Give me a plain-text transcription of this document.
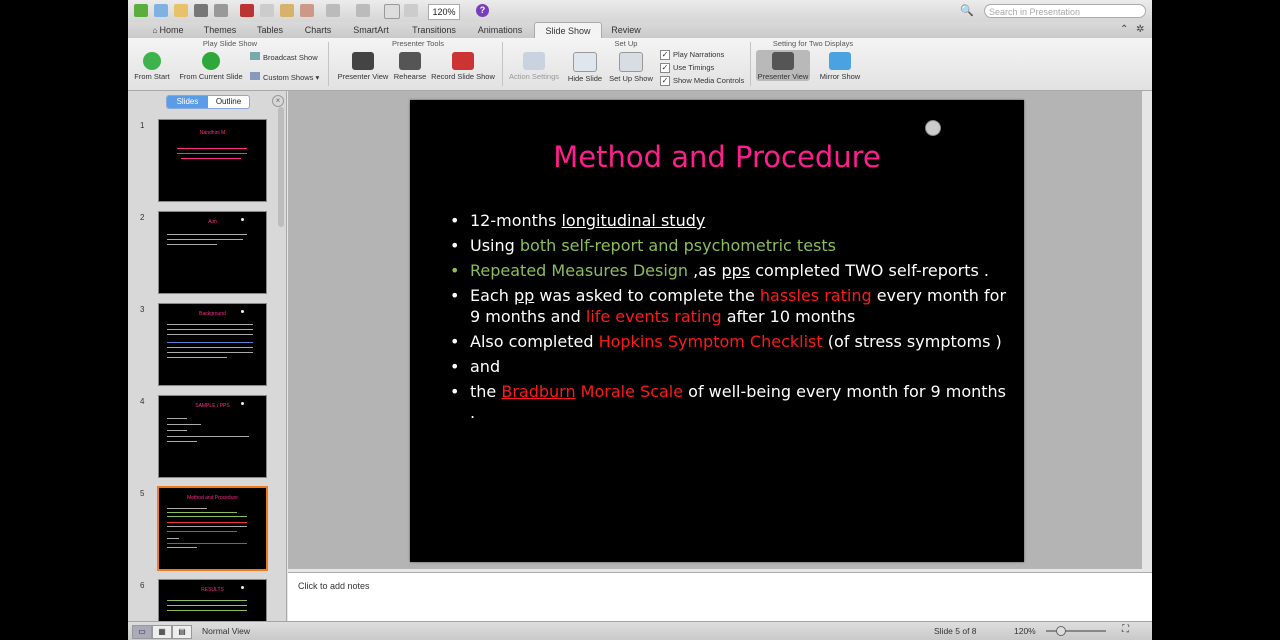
120%	?	🔍	Search in Presentation
⌂ Home	Themes	Tables	Charts	SmartArt	Transitions	Animations	Slide Show	Review	⌃ ✲
Play Slide Show
From Start	From Current Slide
Broadcast Show
Custom Shows ▾
Presenter Tools
Presenter View Rehearse Record Slide Show
Set Up
Action Settings	Hide Slide Set Up Show
✓ Play Narrations
✓ Use Timings
✓ Show Media Controls
Setting for Two Displays
Presenter View	Mirror Show
Slides	Outline	×
1
Nandhini M
2	Aim
3	Background
4	SAMPLE / PPS
5	Method and Procedure
6	RESULTS
Method and Procedure
• 12-months longitudinal study
• Using both self-report and psychometric tests
• Repeated Measures Design ,as pps completed TWO self-reports .
• Each pp was asked to complete the hassles rating every month for 9 months and life events rating after 10 months
• Also completed Hopkins Symptom Checklist (of stress symptoms )
• and
• the Bradburn Morale Scale of well-being every month for 9 months .
Click to add notes
▭	▦	▤	Normal View	Slide 5 of 8	120%	⛶
